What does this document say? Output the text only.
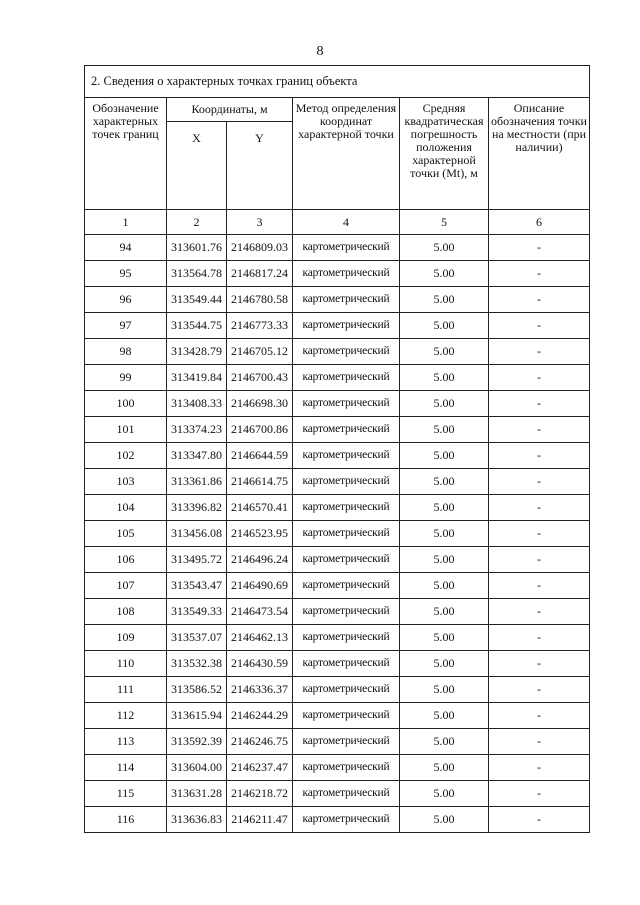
8
2. Сведения о характерных точках границ объекта					
Обозначение характерных точек границ	Координаты, м		Метод определения координат характерной точки	Средняя квадратическая погрешность положения характерной точки (Mt), м	Описание обозначения точки на местности (при наличии)
	X	Y			
1	2	3	4	5	6
94	313601.76	2146809.03	картометрический	5.00	-
95	313564.78	2146817.24	картометрический	5.00	-
96	313549.44	2146780.58	картометрический	5.00	-
97	313544.75	2146773.33	картометрический	5.00	-
98	313428.79	2146705.12	картометрический	5.00	-
99	313419.84	2146700.43	картометрический	5.00	-
100	313408.33	2146698.30	картометрический	5.00	-
101	313374.23	2146700.86	картометрический	5.00	-
102	313347.80	2146644.59	картометрический	5.00	-
103	313361.86	2146614.75	картометрический	5.00	-
104	313396.82	2146570.41	картометрический	5.00	-
105	313456.08	2146523.95	картометрический	5.00	-
106	313495.72	2146496.24	картометрический	5.00	-
107	313543.47	2146490.69	картометрический	5.00	-
108	313549.33	2146473.54	картометрический	5.00	-
109	313537.07	2146462.13	картометрический	5.00	-
110	313532.38	2146430.59	картометрический	5.00	-
111	313586.52	2146336.37	картометрический	5.00	-
112	313615.94	2146244.29	картометрический	5.00	-
113	313592.39	2146246.75	картометрический	5.00	-
114	313604.00	2146237.47	картометрический	5.00	-
115	313631.28	2146218.72	картометрический	5.00	-
116	313636.83	2146211.47	картометрический	5.00	-
